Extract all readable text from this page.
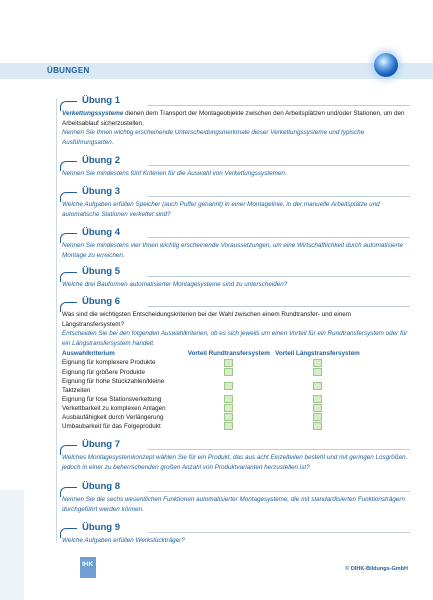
ÜBUNGEN
Übung 1
Verkettungssysteme dienen dem Transport der Montageobjekte zwischen den Arbeitsplätzen und/oder Stationen, um den Arbeitsablauf sicherzustellen.
Nennen Sie Ihnen wichtig erscheinende Unterscheidungsmerkmale dieser Verkettungssysteme und typische Ausführungsarten.
Übung 2
Nennen Sie mindestens fünf Kriterien für die Auswahl von Verkettungssystemen.
Übung 3
Welche Aufgaben erfüllen Speicher (auch Puffer genannt) in einer Montagelinie, in der manuelle Arbeitsplätze und automatische Stationen verkettet sind?
Übung 4
Nennen Sie mindestens vier Ihnen wichtig erscheinende Voraussetzungen, um eine Wirtschaftlichkeit durch automatisierte Montage zu erreichen.
Übung 5
Welche drei Bauformen automatisierter Montagesysteme sind zu unterscheiden?
Übung 6
Was sind die wichtigsten Entscheidungskriterien bei der Wahl zwischen einem Rundtransfer- und einem Längstransfersystem?
Entscheiden Sie bei den folgenden Auswahlkriterien, ob es sich jeweils um einen Vorteil für ein Rundtransfersystem oder für ein Längstransfersystem handelt.
Auswahlkriterium	Vorteil Rundtransfersystem	Vorteil Längstransfersystem
Eignung für komplexere Produkte		
Eignung für größere Produkte		
Eignung für hohe Stückzahlen/kleine Taktzeiten		
Eignung für lose Stationsverkettung		
Verkettbarkeit zu komplexen Anlagen		
Ausbaufähigkeit durch Verlängerung		
Umbaubarkeit für das Folgeprodukt		
Übung 7
Welches Montagesystemkonzept wählen Sie für ein Produkt, das aus acht Einzelteilen besteht und mit geringen Losgrößen, jedoch in einer zu beherrschenden großen Anzahl von Produktvarianten herzustellen ist?
Übung 8
Nennen Sie die sechs wesentlichen Funktionen automatisierter Montagesysteme, die mit standardisierten Funktionsträgern durchgeführt werden können.
Übung 9
Welche Aufgaben erfüllen Werkstückträger?
IHK
© DIHK-Bildungs-GmbH
